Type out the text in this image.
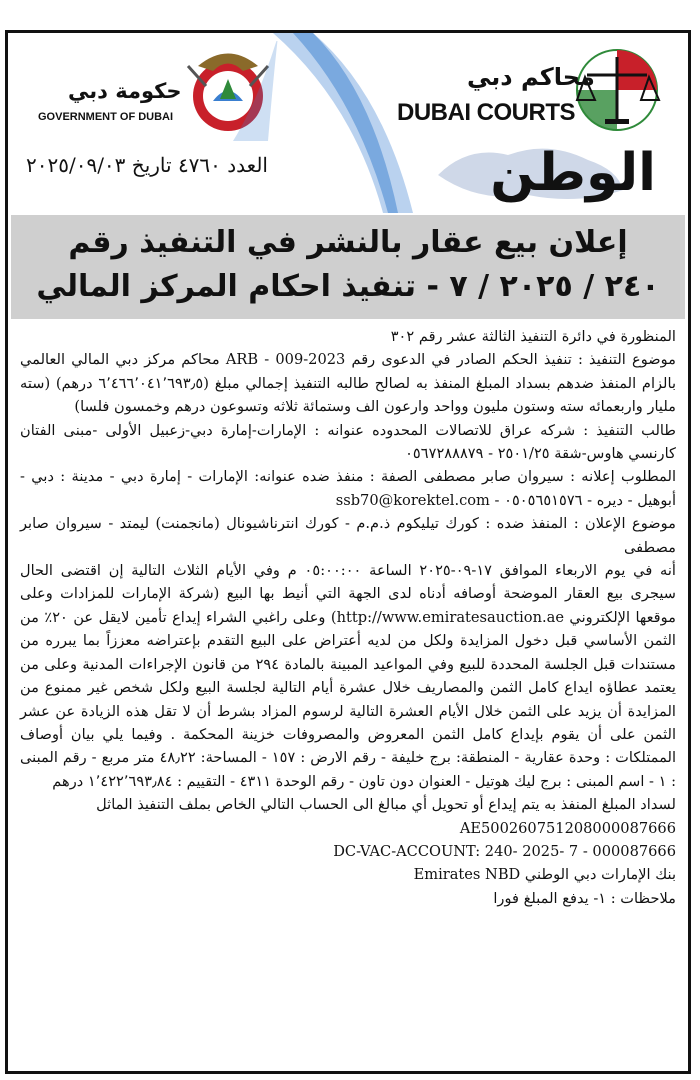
محاكم دبي
DUBAI COURTS
حكومة دبي
GOVERNMENT OF DUBAI
العدد ٤٧٦٠ تاريخ ٢٠٢٥/٠٩/٠٣	الوطن
إعلان بيع عقار بالنشر في التنفيذ رقم
٢٤٠ / ٢٠٢٥ / ٧ - تنفيذ احكام المركز المالي

المنظورة في دائرة التنفيذ الثالثة عشر رقم ٣٠٢

موضوع التنفيذ : تنفيذ الحكم الصادر في الدعوى رقم 2023-009 - ARB محاكم مركز دبي المالي العالمي بالزام المنفذ ضدهم بسداد المبلغ المنفذ به لصالح طالبه التنفيذ إجمالي مبلغ (٦٬٤٦٦٬٠٤١٬٦٩٣٫٥ درهم) (سته مليار واربعمائه سته وستون مليون وواحد وارعون الف وستمائة ثلاثه وتسوعون درهم وخمسون فلسا)

طالب التنفيذ : شركه عراق للاتصالات المحدوده عنوانه : الإمارات-إمارة دبي-زعبيل الأولى -مبنى الفتان كارنسي هاوس-شقة ٢٥٠١/٢٥ - ٠٥٦٧٢٨٨٨٧٩

المطلوب إعلانه : سيروان صابر مصطفى الصفة : منفذ ضده عنوانه: الإمارات - إمارة دبي - مدينة : دبي - أبوهيل - ديره - ٠٥٠٥٦٥١٥٧٦ - ssb70@korektel.com

موضوع الإعلان : المنفذ ضده : كورك تيليكوم ذ.م.م - كورك انترناشيونال (مانجمنت) ليمتد - سيروان صابر مصطفى

أنه في يوم الاربعاء الموافق ١٧-٠٩-٢٠٢٥ الساعة ٠٥:٠٠:٠٠ م وفي الأيام الثلاث التالية إن اقتضى الحال سيجرى بيع العقار الموضحة أوصافه أدناه لدى الجهة التي أنيط بها البيع (شركة الإمارات للمزادات وعلى موقعها الإلكتروني http://www.emiratesauction.ae) وعلى راغبي الشراء إيداع تأمين لايقل عن ٢٠٪ من الثمن الأساسي قبل دخول المزايدة ولكل من لديه أعتراض على البيع التقدم بإعتراضه معززاً بما يبرره من مستندات قبل الجلسة المحددة للبيع وفي المواعيد المبينة بالمادة ٢٩٤ من قانون الإجراءات المدنية وعلى من يعتمد عطاؤه ايداع كامل الثمن والمصاريف خلال عشرة أيام التالية لجلسة البيع ولكل شخص غير ممنوع من المزايدة أن يزيد على الثمن خلال الأيام العشرة التالية لرسوم المزاد بشرط أن لا تقل هذه الزيادة عن عشر الثمن على أن يقوم بإيداع كامل الثمن المعروض والمصروفات خزينة المحكمة . وفيما يلي بيان أوصاف الممتلكات : وحدة عقارية - المنطقة: برج خليفة - رقم الارض : ١٥٧ - المساحة: ٤٨٫٢٢ متر مربع - رقم المبنى : ١ - اسم المبنى : برج ليك هوتيل - العنوان دون تاون - رقم الوحدة ٤٣١١ - التقييم : ١٬٤٢٢٬٦٩٣٫٨٤ درهم

لسداد المبلغ المنفذ به يتم إيداع أو تحويل أي مبالغ الى الحساب التالي الخاص بملف التنفيذ الماثل

AE500260751208000087666

DC-VAC-ACCOUNT: 240- 2025- 7 - 000087666

بنك الإمارات دبي الوطني Emirates NBD

ملاحظات : ١- يدفع المبلغ فورا
